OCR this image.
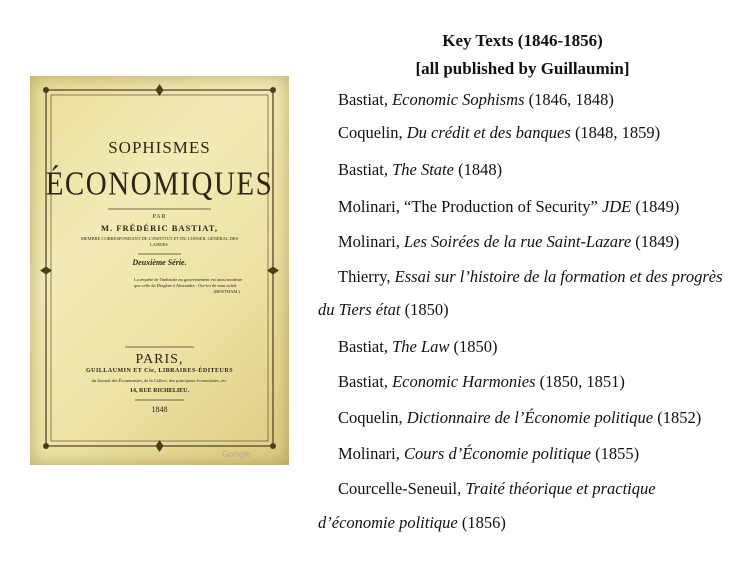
SOPHISMES
ÉCONOMIQUES
PAR
M. FRÉDÉRIC BASTIAT,
MEMBRE CORRESPONDANT DE L'INSTITUT ET DU CONSEIL GÉNÉRAL DES LANDES.
Deuxième Série.
La requête de l'industrie au gouvernement est aussi modeste que celle de Diogène à Alexandre : Ote-toi de mon soleil.
(BENTHAM.)
PARIS,
GUILLAUMIN ET Cie, LIBRAIRES-ÉDITEURS
du Journal des Économistes, de la Collect. des principaux économistes, etc.
14, RUE RICHELIEU.
1848
Google
Key Texts (1846-1856)
[all published by Guillaumin]
Bastiat, Economic Sophisms (1846, 1848)
Coquelin, Du crédit et des banques (1848, 1859)
Bastiat, The State (1848)
Molinari, “The Production of Security” JDE (1849)
Molinari, Les Soirées de la rue Saint-Lazare (1849)
Thierry, Essai sur l’histoire de la formation et des progrès
du Tiers état (1850)
Bastiat, The Law (1850)
Bastiat, Economic Harmonies (1850, 1851)
Coquelin, Dictionnaire de l’Économie politique (1852)
Molinari, Cours d’Économie politique (1855)
Courcelle-Seneuil, Traité théorique et practique
d’économie politique (1856)
